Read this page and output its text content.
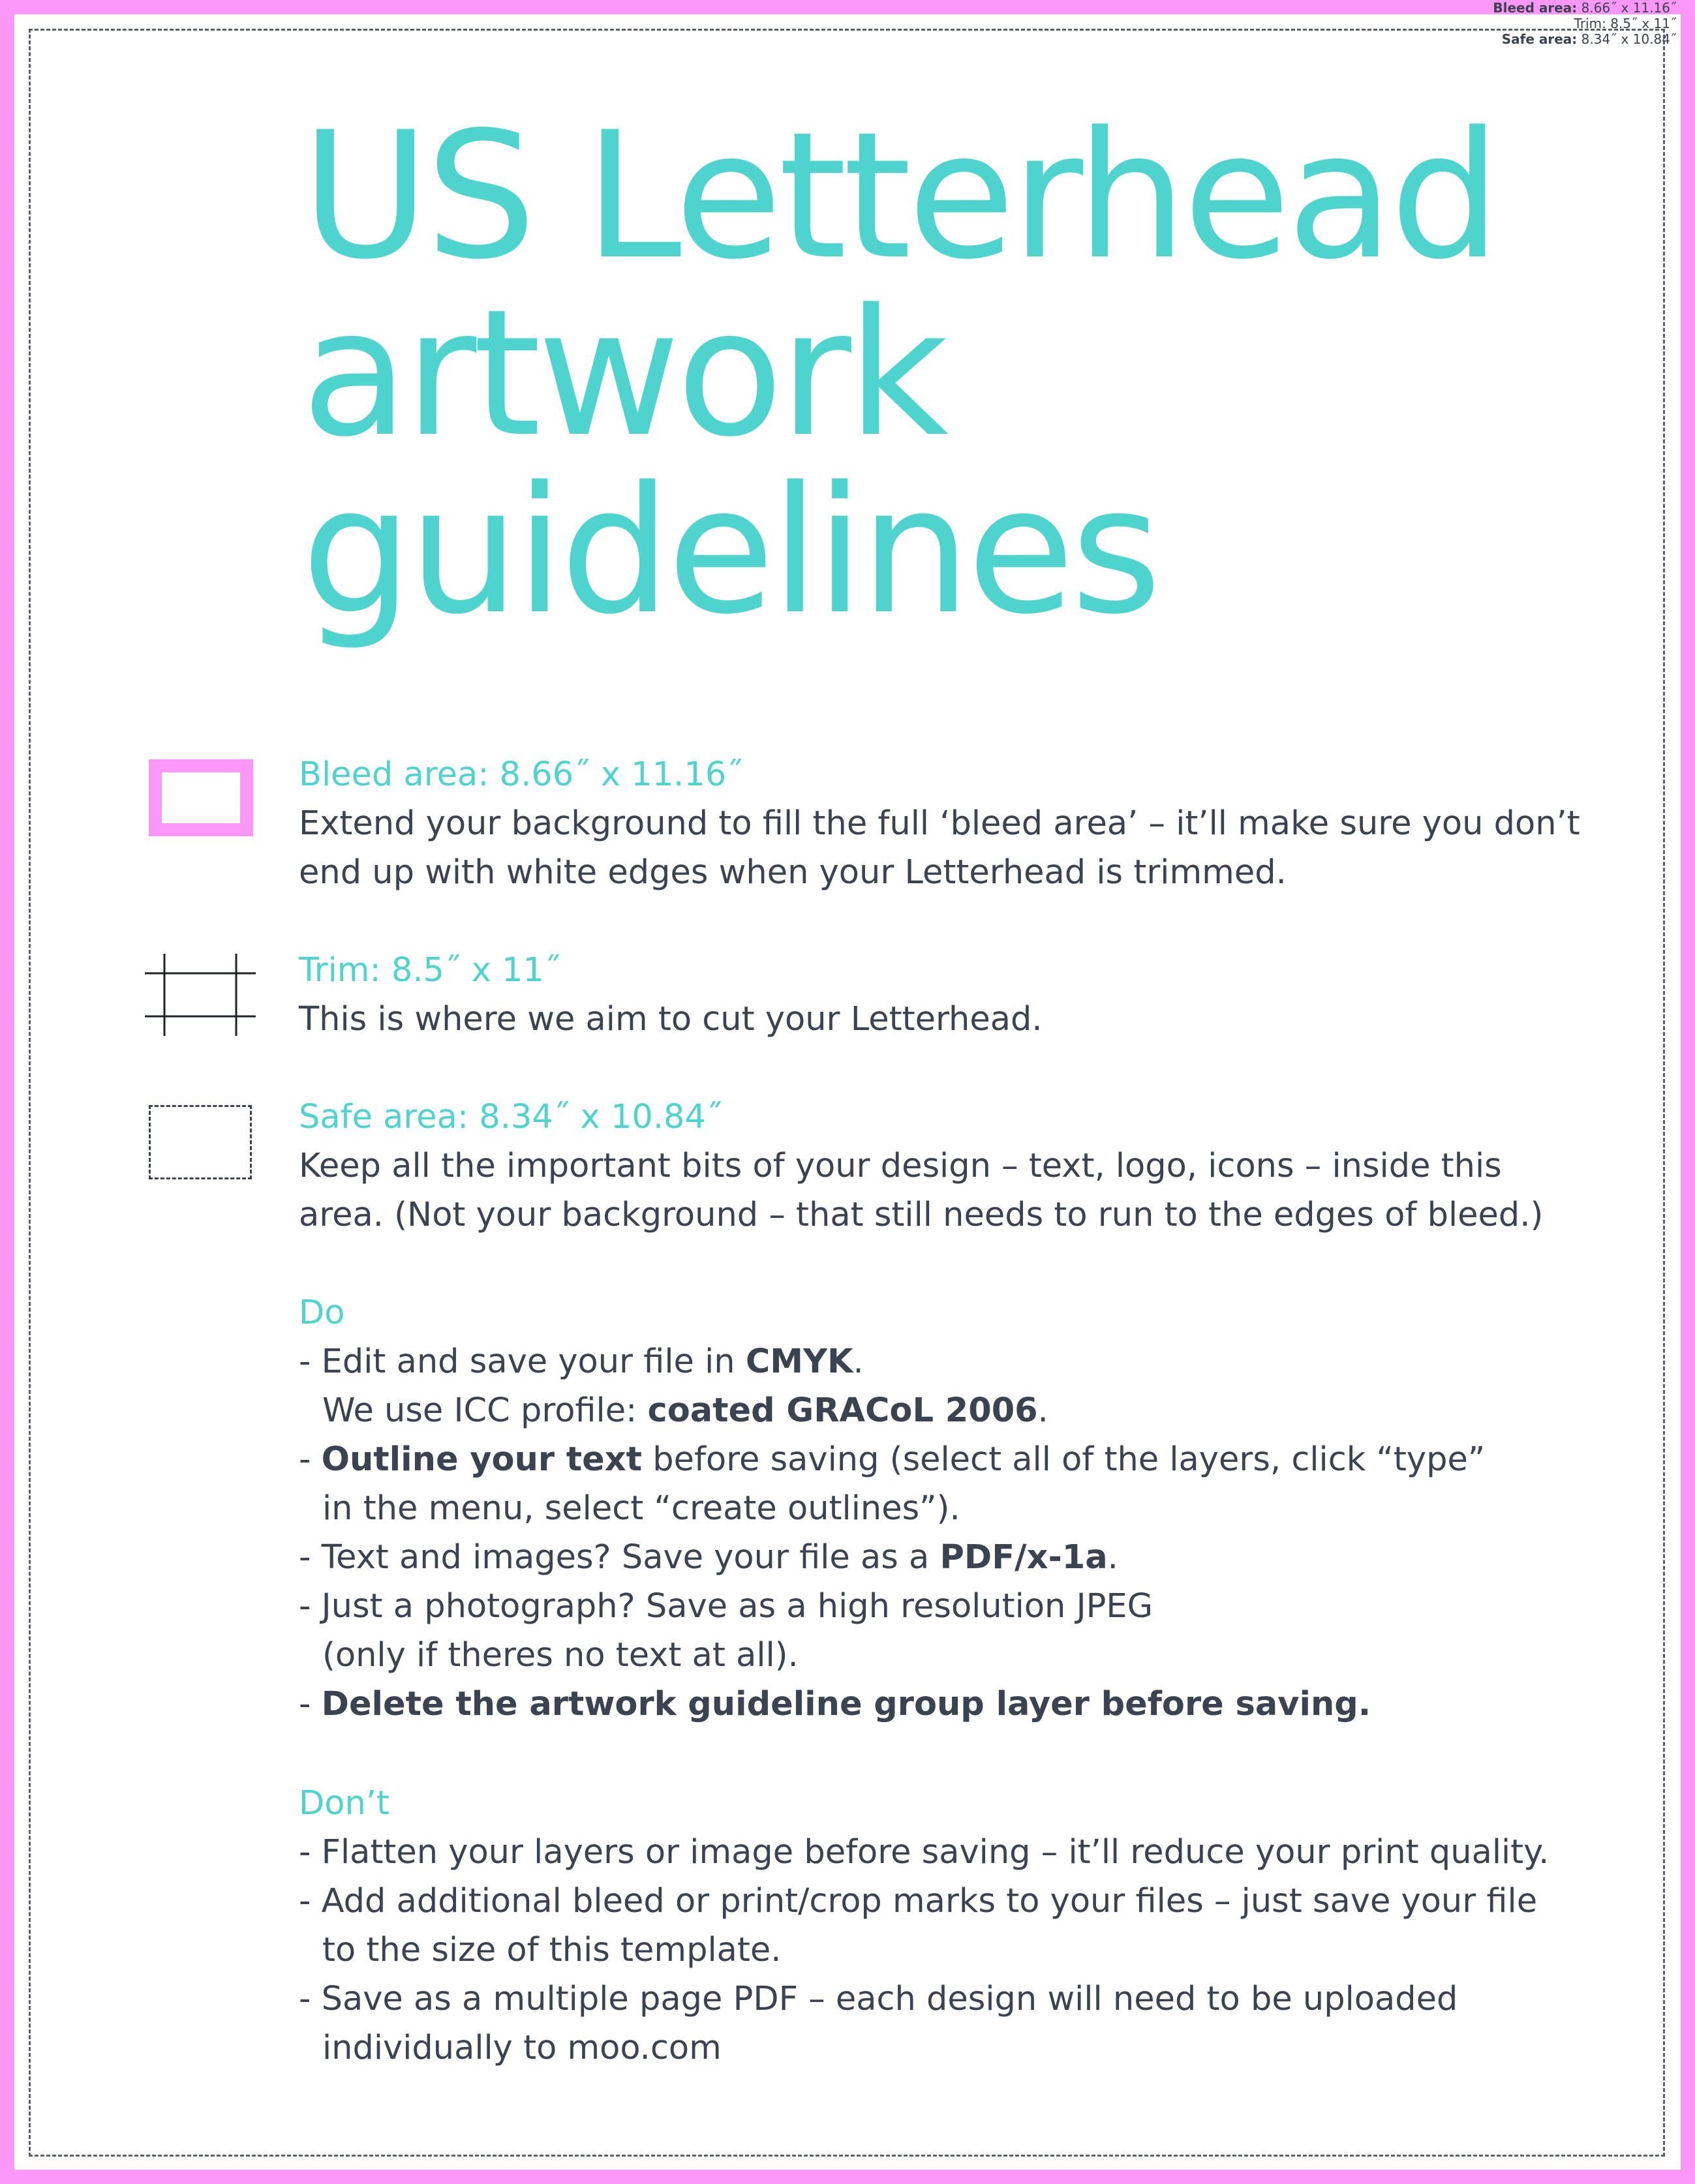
Bleed area: 8.66˝ x 11.16˝
Trim: 8.5˝ x 11˝
Safe area: 8.34˝ x 10.84˝
US Letterhead
artwork
guidelines
Bleed area: 8.66˝ x 11.16˝
Extend your background to fill the full ‘bleed area’ – it’ll make sure you don’t
end up with white edges when your Letterhead is trimmed.
Trim: 8.5˝ x 11˝
This is where we aim to cut your Letterhead.
Safe area: 8.34˝ x 10.84˝
Keep all the important bits of your design – text, logo, icons – inside this
area. (Not your background – that still needs to run to the edges of bleed.)
Do
- Edit and save your file in CMYK.
We use ICC profile: coated GRACoL 2006.
- Outline your text before saving (select all of the layers, click “type”
in the menu, select “create outlines”).
- Text and images? Save your file as a PDF/x-1a.
- Just a photograph? Save as a high resolution JPEG
(only if theres no text at all).
- Delete the artwork guideline group layer before saving.
Don’t
- Flatten your layers or image before saving – it’ll reduce your print quality.
- Add additional bleed or print/crop marks to your files – just save your file
to the size of this template.
- Save as a multiple page PDF – each design will need to be uploaded
individually to moo.com
